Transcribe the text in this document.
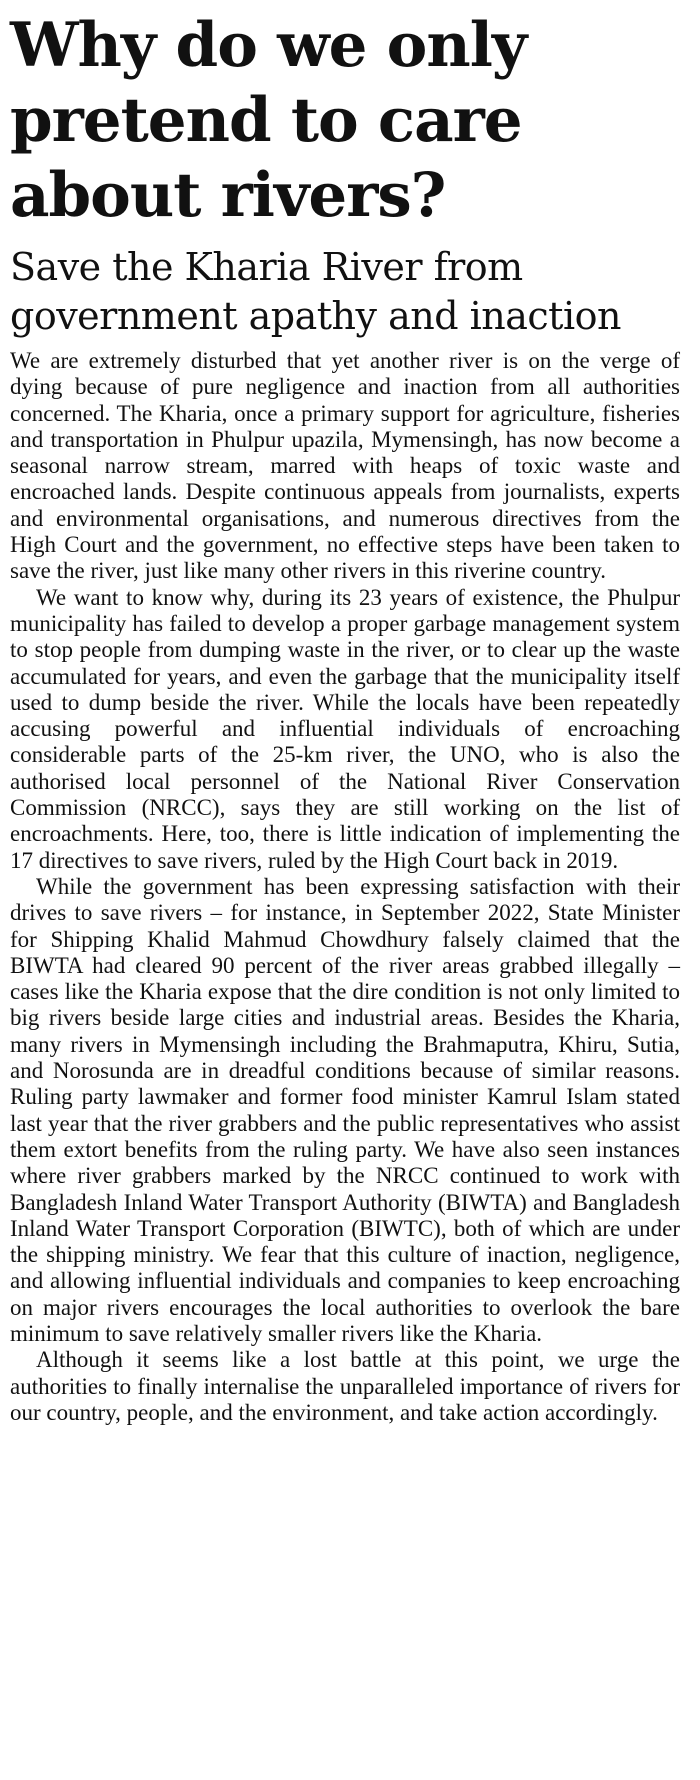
Why do we only pretend to care about rivers?
Save the Kharia River from government apathy and inaction

We are extremely disturbed that yet another river is on the verge of dying because of pure negligence and inaction from all authorities concerned. The Kharia, once a primary support for agriculture, fisheries and transportation in Phulpur upazila, Mymensingh, has now become a seasonal narrow stream, marred with heaps of toxic waste and encroached lands. Despite continuous appeals from journalists, experts and environmental organisations, and numerous directives from the High Court and the government, no effective steps have been taken to save the river, just like many other rivers in this riverine country.

We want to know why, during its 23 years of existence, the Phulpur municipality has failed to develop a proper garbage management system to stop people from dumping waste in the river, or to clear up the waste accumulated for years, and even the garbage that the municipality itself used to dump beside the river. While the locals have been repeatedly accusing powerful and influential individuals of encroaching considerable parts of the 25-km river, the UNO, who is also the authorised local personnel of the National River Conservation Commission (NRCC), says they are still working on the list of encroachments. Here, too, there is little indication of implementing the 17 directives to save rivers, ruled by the High Court back in 2019.

While the government has been expressing satisfaction with their drives to save rivers – for instance, in September 2022, State Minister for Shipping Khalid Mahmud Chowdhury falsely claimed that the BIWTA had cleared 90 percent of the river areas grabbed illegally – cases like the Kharia expose that the dire condition is not only limited to big rivers beside large cities and industrial areas. Besides the Kharia, many rivers in Mymensingh including the Brahmaputra, Khiru, Sutia, and Norosunda are in dreadful conditions because of similar reasons. Ruling party lawmaker and former food minister Kamrul Islam stated last year that the river grabbers and the public representatives who assist them extort benefits from the ruling party. We have also seen instances where river grabbers marked by the NRCC continued to work with Bangladesh Inland Water Transport Authority (BIWTA) and Bangladesh Inland Water Transport Corporation (BIWTC), both of which are under the shipping ministry. We fear that this culture of inaction, negligence, and allowing influential individuals and companies to keep encroaching on major rivers encourages the local authorities to overlook the bare minimum to save relatively smaller rivers like the Kharia.

Although it seems like a lost battle at this point, we urge the authorities to finally internalise the unparalleled importance of rivers for our country, people, and the environment, and take action accordingly.
